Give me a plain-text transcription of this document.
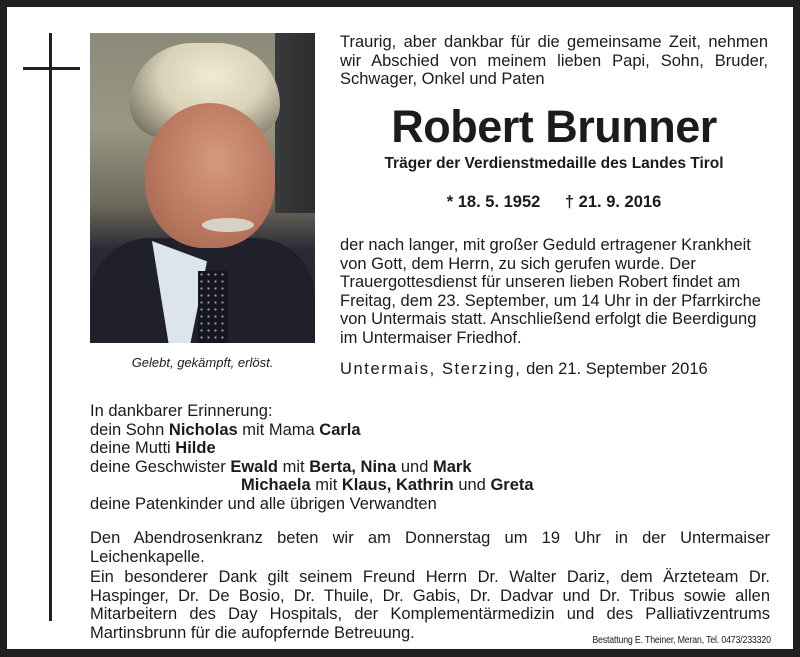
Gelebt, gekämpft, erlöst.
Traurig, aber dankbar für die gemeinsame Zeit, nehmen wir Abschied von meinem lieben Papi, Sohn, Bruder, Schwager, Onkel und Paten
Robert Brunner
Träger der Verdienstmedaille des Landes Tirol
* 18. 5. 1952 † 21. 9. 2016
der nach langer, mit großer Geduld ertragener Krankheit von Gott, dem Herrn, zu sich gerufen wurde. Der Trauergottesdienst für unseren lieben Robert findet am Freitag, dem 23. September, um 14 Uhr in der Pfarrkirche von Untermais statt. Anschließend erfolgt die Beerdigung im Untermaiser Friedhof.
Untermais, Sterzing, den 21. September 2016
In dankbarer Erinnerung:
dein Sohn Nicholas mit Mama Carla
deine Mutti Hilde
deine Geschwister Ewald mit Berta, Nina und Mark
Michaela mit Klaus, Kathrin und Greta
deine Patenkinder und alle übrigen Verwandten
Den Abendrosenkranz beten wir am Donnerstag um 19 Uhr in der Untermaiser Leichenkapelle.
Ein besonderer Dank gilt seinem Freund Herrn Dr. Walter Dariz, dem Ärzteteam Dr. Haspinger, Dr. De Bosio, Dr. Thuile, Dr. Gabis, Dr. Dadvar und Dr. Tribus sowie allen Mitarbeitern des Day Hospitals, der Komplementärmedizin und des Palliativzentrums Martinsbrunn für die aufopfernde Betreuung.	Bestattung E. Theiner, Meran, Tel. 0473/233320
